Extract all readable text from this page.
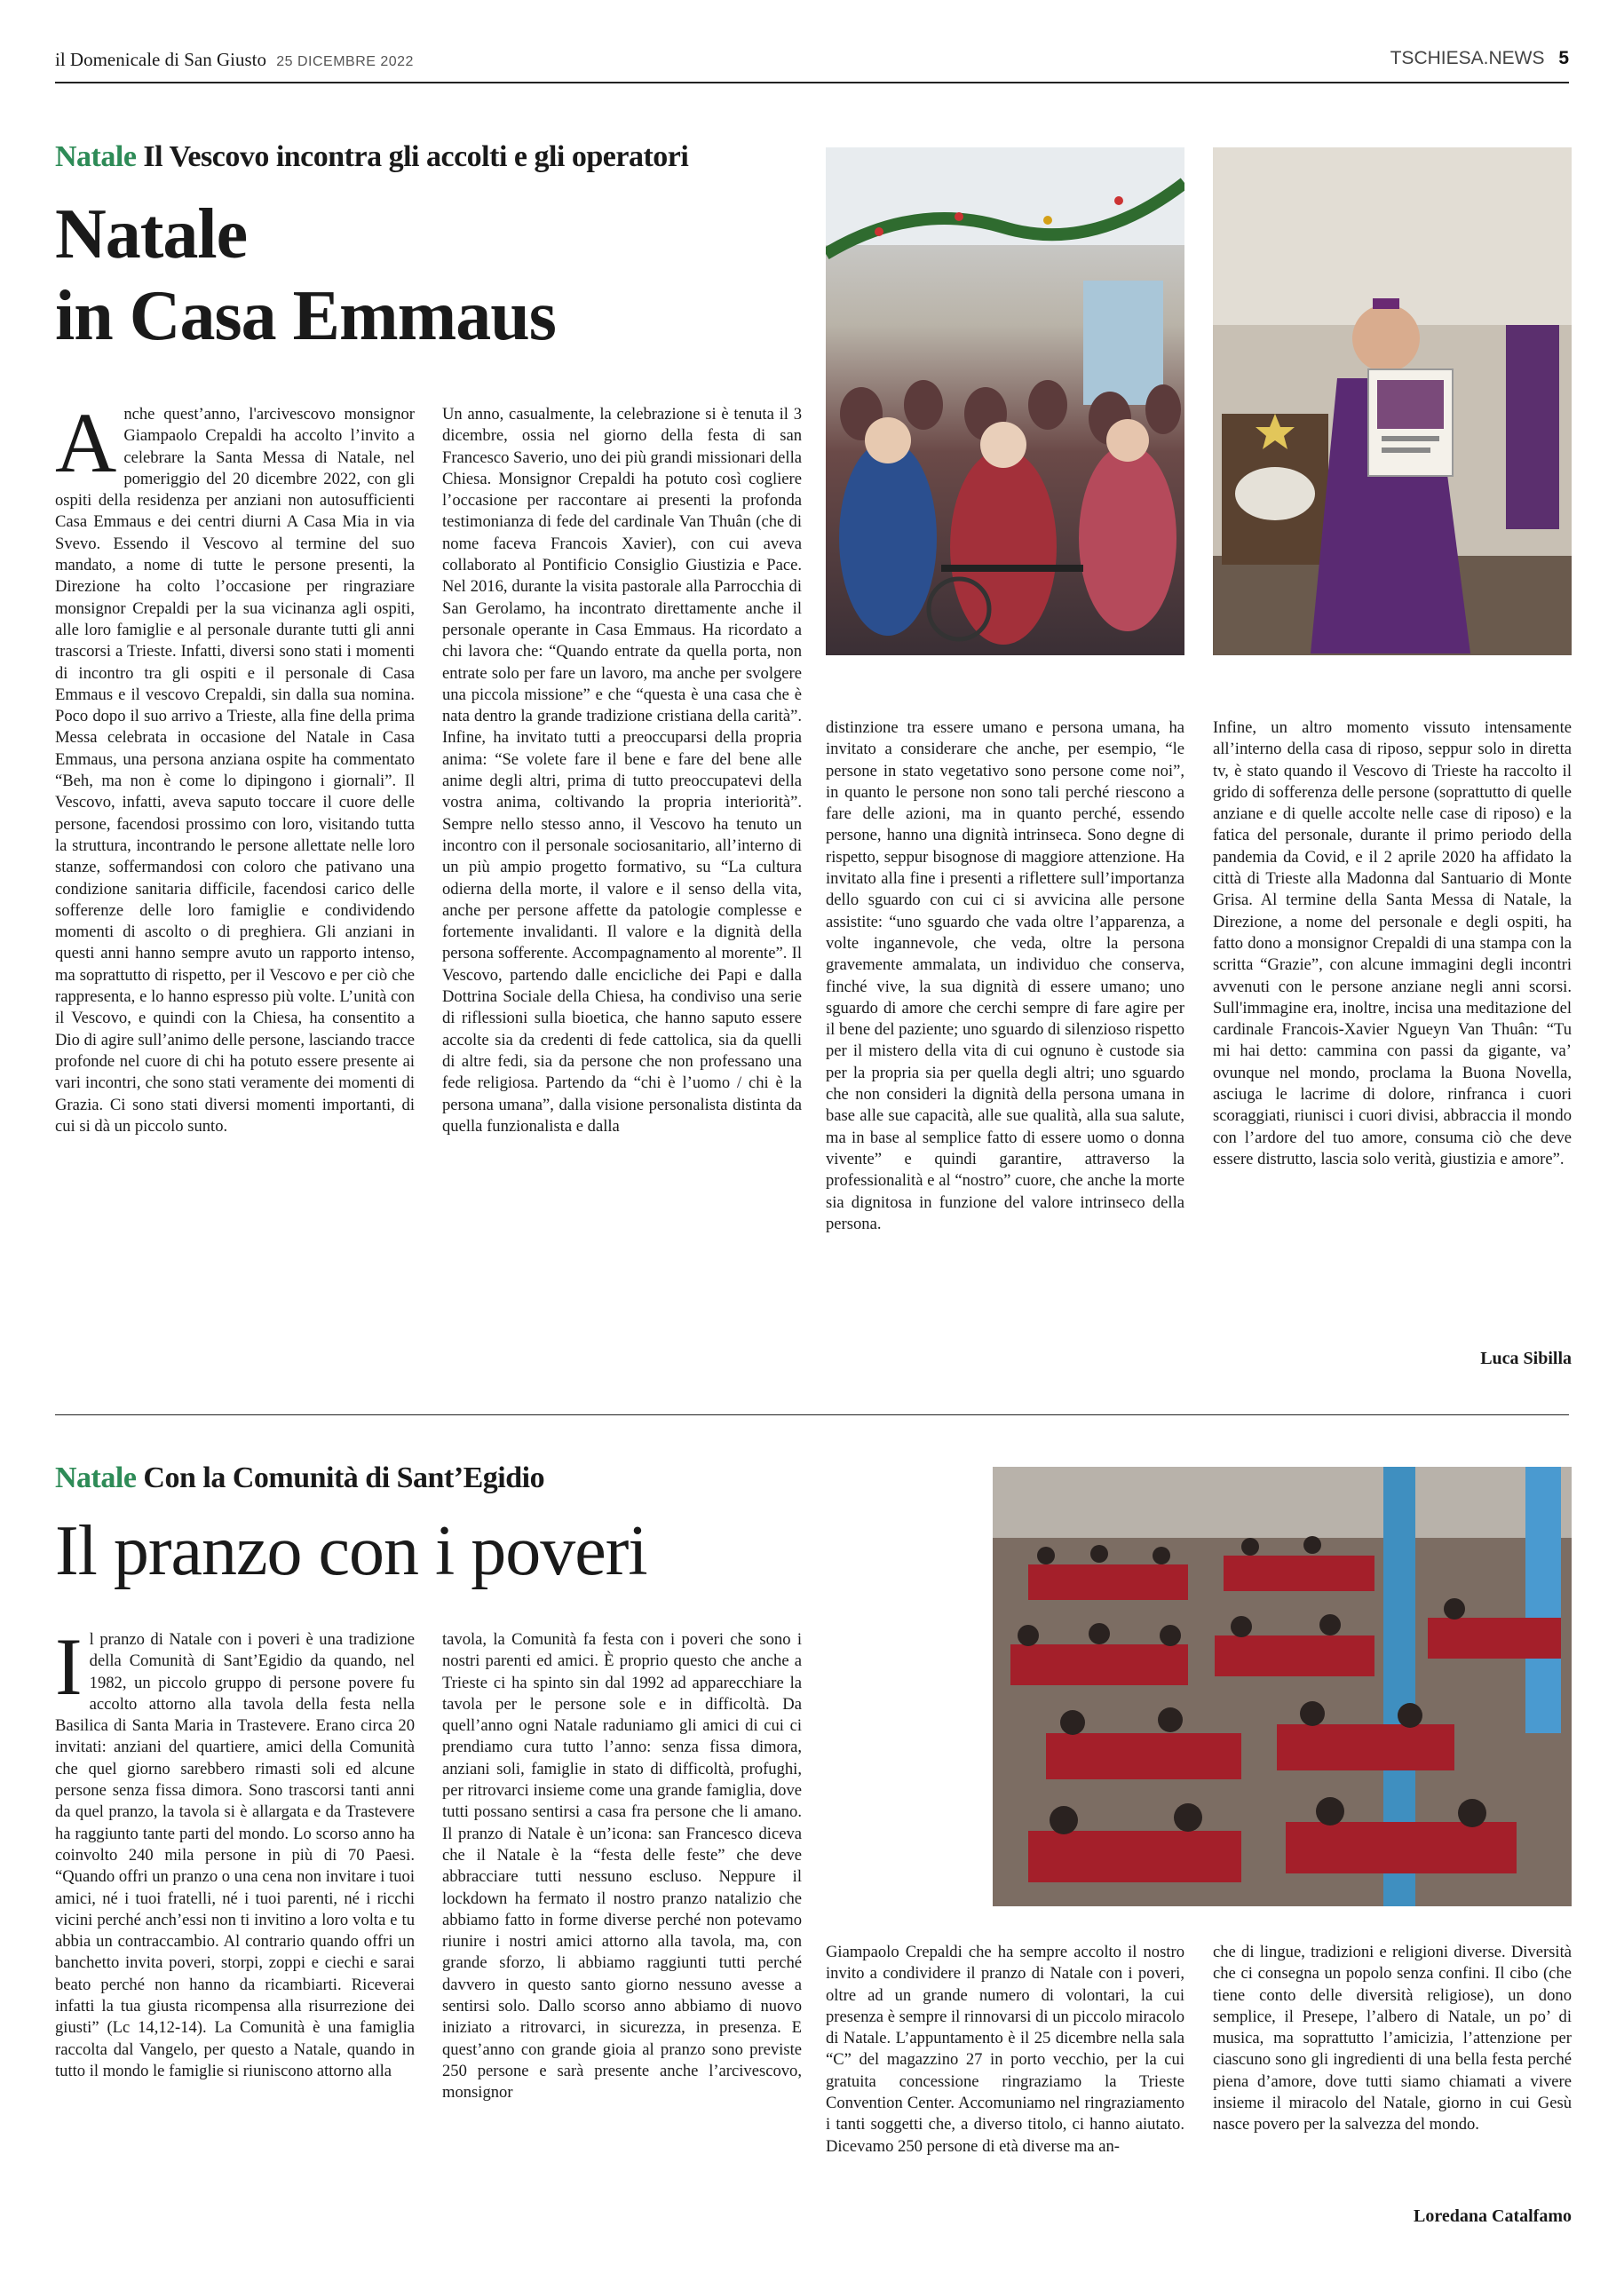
il Domenicale di San Giusto 25 DICEMBRE 2022	TSCHIESA.NEWS 5
Natale Il Vescovo incontra gli accolti e gli operatori
Natale
in Casa Emmaus
A nche quest’anno, l'arcivescovo monsignor Giampaolo Crepaldi ha accolto l’invito a celebrare la Santa Messa di Natale, nel pomeriggio del 20 dicembre 2022, con gli ospiti della residenza per anziani non autosufficienti Casa Emmaus e dei centri diurni A Casa Mia in via Svevo. Essendo il Vescovo al termine del suo mandato, a nome di tutte le persone presenti, la Direzione ha colto l’occasione per ringraziare monsignor Crepaldi per la sua vicinanza agli ospiti, alle loro famiglie e al personale durante tutti gli anni trascorsi a Trieste. Infatti, diversi sono stati i momenti di incontro tra gli ospiti e il personale di Casa Emmaus e il vescovo Crepaldi, sin dalla sua nomina. Poco dopo il suo arrivo a Trieste, alla fine della prima Messa celebrata in occasione del Natale in Casa Emmaus, una persona anziana ospite ha commentato “Beh, ma non è come lo dipingono i giornali”. Il Vescovo, infatti, aveva saputo toccare il cuore delle persone, facendosi prossimo con loro, visitando tutta la struttura, incontrando le persone allettate nelle loro stanze, soffermandosi con coloro che pativano una condizione sanitaria difficile, facendosi carico delle sofferenze delle loro famiglie e condividendo momenti di ascolto o di preghiera. Gli anziani in questi anni hanno sempre avuto un rapporto intenso, ma soprattutto di rispetto, per il Vescovo e per ciò che rappresenta, e lo hanno espresso più volte. L’unità con il Vescovo, e quindi con la Chiesa, ha consentito a Dio di agire sull’animo delle persone, lasciando tracce profonde nel cuore di chi ha potuto essere presente ai vari incontri, che sono stati veramente dei momenti di Grazia. Ci sono stati diversi momenti importanti, di cui si dà un piccolo sunto.
Un anno, casualmente, la celebrazione si è tenuta il 3 dicembre, ossia nel giorno della festa di san Francesco Saverio, uno dei più grandi missionari della Chiesa. Monsignor Crepaldi ha potuto così cogliere l’occasione per raccontare ai presenti la profonda testimonianza di fede del cardinale Van Thuân (che di nome faceva Francois Xavier), con cui aveva collaborato al Pontificio Consiglio Giustizia e Pace. Nel 2016, durante la visita pastorale alla Parrocchia di San Gerolamo, ha incontrato direttamente anche il personale operante in Casa Emmaus. Ha ricordato a chi lavora che: “Quando entrate da quella porta, non entrate solo per fare un lavoro, ma anche per svolgere una piccola missione” e che “questa è una casa che è nata dentro la grande tradizione cristiana della carità”. Infine, ha invitato tutti a preoccuparsi della propria anima: “Se volete fare il bene e fare del bene alle anime degli altri, prima di tutto preoccupatevi della vostra anima, coltivando la propria interiorità”. Sempre nello stesso anno, il Vescovo ha tenuto un incontro con il personale sociosanitario, all’interno di un più ampio progetto formativo, su “La cultura odierna della morte, il valore e il senso della vita, anche per persone affette da patologie complesse e fortemente invalidanti. Il valore e la dignità della persona sofferente. Accompagnamento al morente”. Il Vescovo, partendo dalle encicliche dei Papi e dalla Dottrina Sociale della Chiesa, ha condiviso una serie di riflessioni sulla bioetica, che hanno saputo essere accolte sia da credenti di fede cattolica, sia da quelli di altre fedi, sia da persone che non professano una fede religiosa. Partendo da “chi è l’uomo / chi è la persona umana”, dalla visione personalista distinta da quella funzionalista e dalla
distinzione tra essere umano e persona umana, ha invitato a considerare che anche, per esempio, “le persone in stato vegetativo sono persone come noi”, in quanto le persone non sono tali perché riescono a fare delle azioni, ma in quanto perché, essendo persone, hanno una dignità intrinseca. Sono degne di rispetto, seppur bisognose di maggiore attenzione. Ha invitato alla fine i presenti a riflettere sull’importanza dello sguardo con cui ci si avvicina alle persone assistite: “uno sguardo che vada oltre l’apparenza, a volte ingannevole, che veda, oltre la persona gravemente ammalata, un individuo che conserva, finché vive, la sua dignità di essere umano; uno sguardo di amore che cerchi sempre di fare agire per il bene del paziente; uno sguardo di silenzioso rispetto per il mistero della vita di cui ognuno è custode sia per la propria sia per quella degli altri; uno sguardo che non consideri la dignità della persona umana in base alle sue capacità, alle sue qualità, alla sua salute, ma in base al semplice fatto di essere uomo o donna vivente” e quindi garantire, attraverso la professionalità e al “nostro” cuore, che anche la morte sia dignitosa in funzione del valore intrinseco della persona.
Infine, un altro momento vissuto intensamente all’interno della casa di riposo, seppur solo in diretta tv, è stato quando il Vescovo di Trieste ha raccolto il grido di sofferenza delle persone (soprattutto di quelle anziane e di quelle accolte nelle case di riposo) e la fatica del personale, durante il primo periodo della pandemia da Covid, e il 2 aprile 2020 ha affidato la città di Trieste alla Madonna dal Santuario di Monte Grisa. Al termine della Santa Messa di Natale, la Direzione, a nome del personale e degli ospiti, ha fatto dono a monsignor Crepaldi di una stampa con la scritta “Grazie”, con alcune immagini degli incontri avvenuti con le persone anziane negli anni scorsi. Sull'immagine era, inoltre, incisa una meditazione del cardinale Francois-Xavier Ngueyn Van Thuân: “Tu mi hai detto: cammina con passi da gigante, va’ ovunque nel mondo, proclama la Buona Novella, asciuga le lacrime di dolore, rinfranca i cuori scoraggiati, riunisci i cuori divisi, abbraccia il mondo con l’ardore del tuo amore, consuma ciò che deve essere distrutto, lascia solo verità, giustizia e amore”.
Luca Sibilla
Natale Con la Comunità di Sant’Egidio
Il pranzo con i poveri
I l pranzo di Natale con i poveri è una tradizione della Comunità di Sant’Egidio da quando, nel 1982, un piccolo gruppo di persone povere fu accolto attorno alla tavola della festa nella Basilica di Santa Maria in Trastevere. Erano circa 20 invitati: anziani del quartiere, amici della Comunità che quel giorno sarebbero rimasti soli ed alcune persone senza fissa dimora. Sono trascorsi tanti anni da quel pranzo, la tavola si è allargata e da Trastevere ha raggiunto tante parti del mondo. Lo scorso anno ha coinvolto 240 mila persone in più di 70 Paesi. “Quando offri un pranzo o una cena non invitare i tuoi amici, né i tuoi fratelli, né i tuoi parenti, né i ricchi vicini perché anch’essi non ti invitino a loro volta e tu abbia un contraccambio. Al contrario quando offri un banchetto invita poveri, storpi, zoppi e ciechi e sarai beato perché non hanno da ricambiarti. Riceverai infatti la tua giusta ricompensa alla risurrezione dei giusti” (Lc 14,12-14). La Comunità è una famiglia raccolta dal Vangelo, per questo a Natale, quando in tutto il mondo le famiglie si riuniscono attorno alla
tavola, la Comunità fa festa con i poveri che sono i nostri parenti ed amici. È proprio questo che anche a Trieste ci ha spinto sin dal 1992 ad apparecchiare la tavola per le persone sole e in difficoltà. Da quell’anno ogni Natale raduniamo gli amici di cui ci prendiamo cura tutto l’anno: senza fissa dimora, anziani soli, famiglie in stato di difficoltà, profughi, per ritrovarci insieme come una grande famiglia, dove tutti possano sentirsi a casa fra persone che li amano. Il pranzo di Natale è un’icona: san Francesco diceva che il Natale è la “festa delle feste” che deve abbracciare tutti nessuno escluso. Neppure il lockdown ha fermato il nostro pranzo natalizio che abbiamo fatto in forme diverse perché non potevamo riunire i nostri amici attorno alla tavola, ma, con grande sforzo, li abbiamo raggiunti tutti perché davvero in questo santo giorno nessuno avesse a sentirsi solo. Dallo scorso anno abbiamo di nuovo iniziato a ritrovarci, in sicurezza, in presenza. E quest’anno con grande gioia al pranzo sono previste 250 persone e sarà presente anche l’arcivescovo, monsignor
Giampaolo Crepaldi che ha sempre accolto il nostro invito a condividere il pranzo di Natale con i poveri, oltre ad un grande numero di volontari, la cui presenza è sempre il rinnovarsi di un piccolo miracolo di Natale. L’appuntamento è il 25 dicembre nella sala “C” del magazzino 27 in porto vecchio, per la cui gratuita concessione ringraziamo la Trieste Convention Center. Accomuniamo nel ringraziamento i tanti soggetti che, a diverso titolo, ci hanno aiutato. Dicevamo 250 persone di età diverse ma an-
che di lingue, tradizioni e religioni diverse. Diversità che ci consegna un popolo senza confini. Il cibo (che tiene conto delle diversità religiose), un dono semplice, il Presepe, l’albero di Natale, un po’ di musica, ma soprattutto l’amicizia, l’attenzione per ciascuno sono gli ingredienti di una bella festa perché piena d’amore, dove tutti siamo chiamati a vivere insieme il miracolo del Natale, giorno in cui Gesù nasce povero per la salvezza del mondo.
Loredana Catalfamo
